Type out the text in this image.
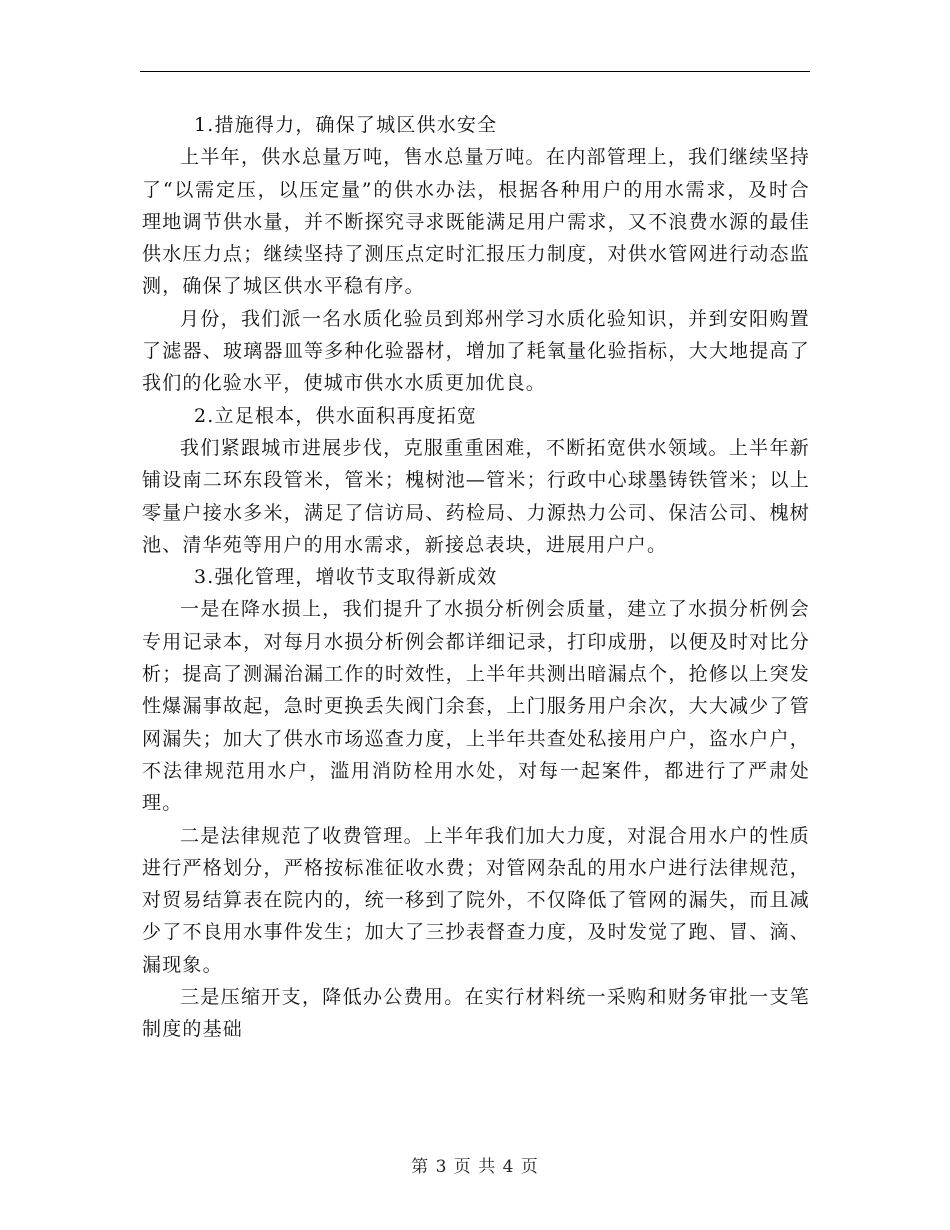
1.措施得力，确保了城区供水安全

上半年，供水总量万吨，售水总量万吨。在内部管理上，我们继续坚持了“以需定压，以压定量”的供水办法，根据各种用户的用水需求，及时合理地调节供水量，并不断探究寻求既能满足用户需求，又不浪费水源的最佳供水压力点；继续坚持了测压点定时汇报压力制度，对供水管网进行动态监测，确保了城区供水平稳有序。

月份，我们派一名水质化验员到郑州学习水质化验知识，并到安阳购置了滤器、玻璃器皿等多种化验器材，增加了耗氧量化验指标，大大地提高了我们的化验水平，使城市供水水质更加优良。

2.立足根本，供水面积再度拓宽

我们紧跟城市进展步伐，克服重重困难，不断拓宽供水领域。上半年新铺设南二环东段管米，管米；槐树池—管米；行政中心球墨铸铁管米；以上零量户接水多米，满足了信访局、药检局、力源热力公司、保洁公司、槐树池、清华苑等用户的用水需求，新接总表块，进展用户户。

3.强化管理，增收节支取得新成效

一是在降水损上，我们提升了水损分析例会质量，建立了水损分析例会专用记录本，对每月水损分析例会都详细记录，打印成册，以便及时对比分析；提高了测漏治漏工作的时效性，上半年共测出暗漏点个，抢修以上突发性爆漏事故起，急时更换丢失阀门余套，上门服务用户余次，大大减少了管网漏失；加大了供水市场巡查力度，上半年共查处私接用户户，盗水户户，不法律规范用水户，滥用消防栓用水处，对每一起案件，都进行了严肃处理。

二是法律规范了收费管理。上半年我们加大力度，对混合用水户的性质进行严格划分，严格按标准征收水费；对管网杂乱的用水户进行法律规范，对贸易结算表在院内的，统一移到了院外，不仅降低了管网的漏失，而且减少了不良用水事件发生；加大了三抄表督查力度，及时发觉了跑、冒、滴、漏现象。

三是压缩开支，降低办公费用。在实行材料统一采购和财务审批一支笔制度的基础

第 3 页 共 4 页
